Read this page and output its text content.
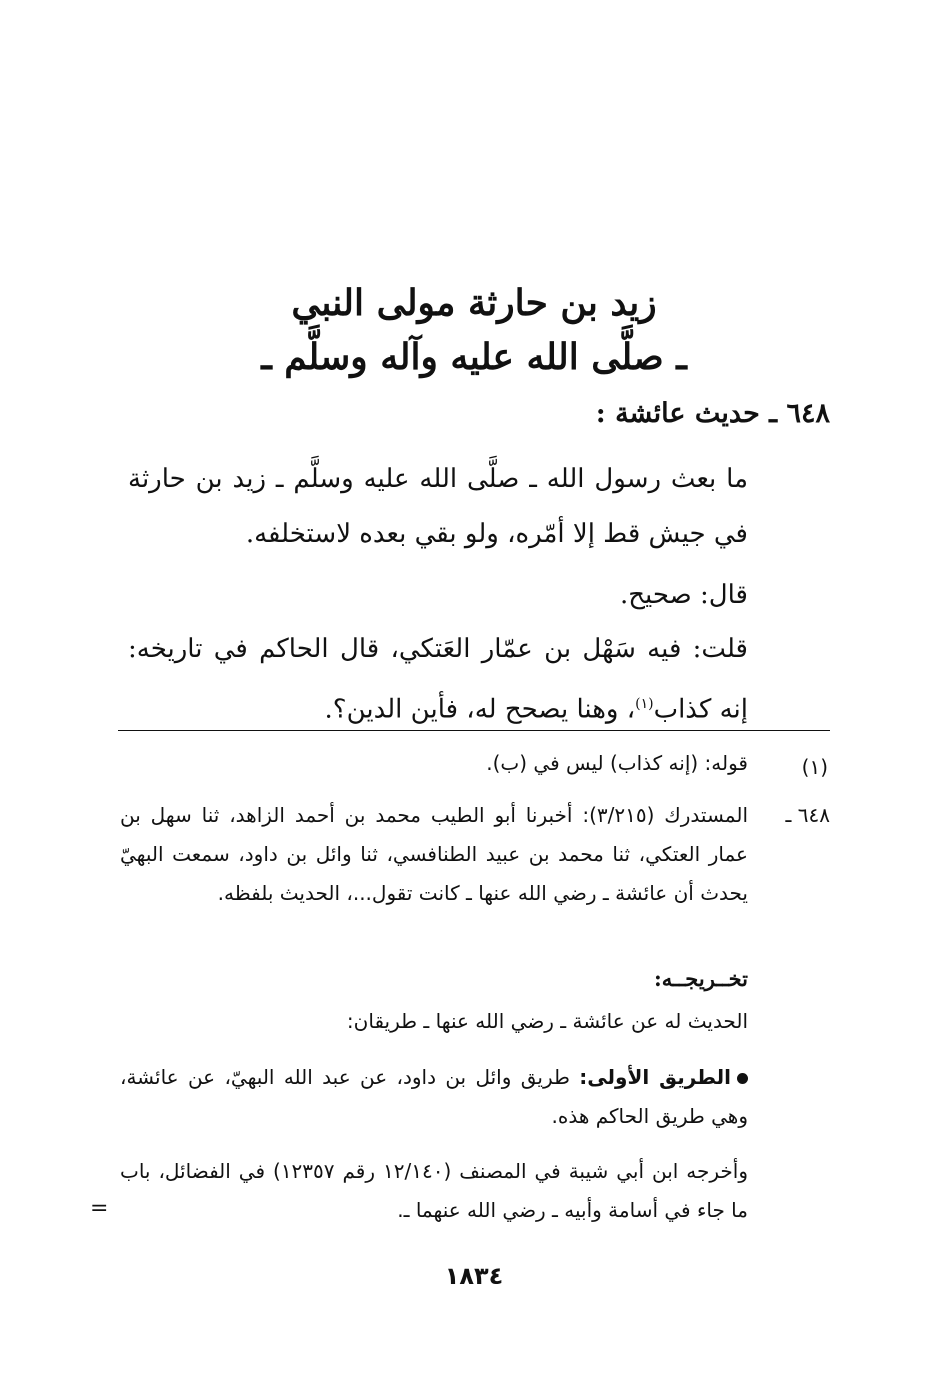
زيد بن حارثة مولى النبي
ـ صلَّى الله عليه وآله وسلَّم ـ
٦٤٨ ـ حديث عائشة :

ما بعث رسول الله ـ صلَّى الله عليه وسلَّم ـ زيد بن حارثة في جيش قط إلا أمّره، ولو بقي بعده لاستخلفه.

قال: صحيح.

قلت: فيه سَهْل بن عمّار العَتكي، قال الحاكم في تاريخه: إنه كذاب$^{(١)}$، وهنا يصحح له، فأين الدين؟.

(١)
قوله: (إنه كذاب) ليس في (ب).
٦٤٨ ـ

المستدرك (٣/٢١٥): أخبرنا أبو الطيب محمد بن أحمد الزاهد، ثنا سهل بن عمار العتكي، ثنا محمد بن عبيد الطنافسي، ثنا وائل بن داود، سمعت البهيّ يحدث أن عائشة ـ رضي الله عنها ـ كانت تقول...، الحديث بلفظه.

تخــريجــه:
الحديث له عن عائشة ـ رضي الله عنها ـ طريقان:

الطريق الأولى: طريق وائل بن داود، عن عبد الله البهيّ، عن عائشة، وهي طريق الحاكم هذه.

وأخرجه ابن أبي شيبة في المصنف (١٢/١٤٠ رقم ١٢٣٥٧) في الفضائل، باب ما جاء في أسامة وأبيه ـ رضي الله عنهما ـ.

=
١٨٣٤
